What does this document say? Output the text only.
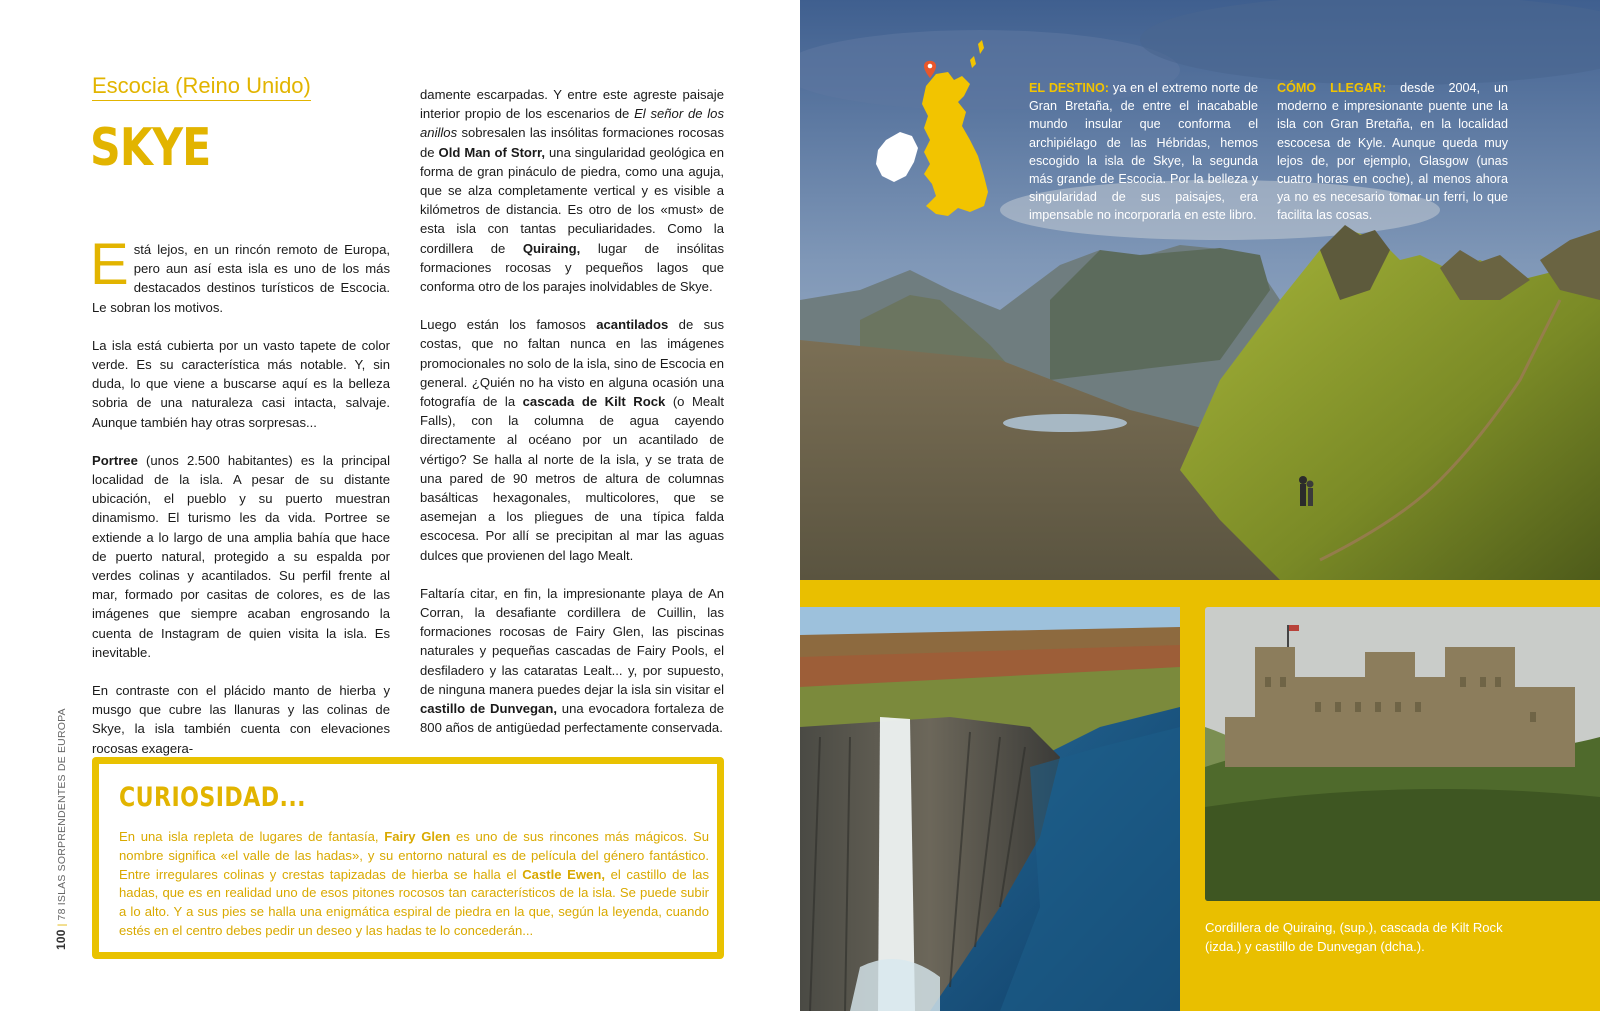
Escocia (Reino Unido)
SKYE

Está lejos, en un rincón remoto de Europa, pero aun así esta isla es uno de los más destacados destinos turísticos de Escocia. Le sobran los motivos.

La isla está cubierta por un vasto tapete de color verde. Es su característica más notable. Y, sin duda, lo que viene a buscarse aquí es la belleza sobria de una naturaleza casi intacta, salvaje. Aunque también hay otras sorpresas...

Portree (unos 2.500 habitantes) es la principal localidad de la isla. A pesar de su distante ubicación, el pueblo y su puerto muestran dinamismo. El turismo les da vida. Portree se extiende a lo largo de una amplia bahía que hace de puerto natural, protegido a su espalda por verdes colinas y acantilados. Su perfil frente al mar, formado por casitas de colores, es de las imágenes que siempre acaban engrosando la cuenta de Instagram de quien visita la isla. Es inevitable.

En contraste con el plácido manto de hierba y musgo que cubre las llanuras y las colinas de Skye, la isla también cuenta con elevaciones rocosas exagera-

damente escarpadas. Y entre este agreste paisaje interior propio de los escenarios de El señor de los anillos sobresalen las insólitas formaciones rocosas de Old Man of Storr, una singularidad geológica en forma de gran pináculo de piedra, como una aguja, que se alza completamente vertical y es visible a kilómetros de distancia. Es otro de los «must» de esta isla con tantas peculiaridades. Como la cordillera de Quiraing, lugar de insólitas formaciones rocosas y pequeños lagos que conforma otro de los parajes inolvidables de Skye.

Luego están los famosos acantilados de sus costas, que no faltan nunca en las imágenes promocionales no solo de la isla, sino de Escocia en general. ¿Quién no ha visto en alguna ocasión una fotografía de la cascada de Kilt Rock (o Mealt Falls), con la columna de agua cayendo directamente al océano por un acantilado de vértigo? Se halla al norte de la isla, y se trata de una pared de 90 metros de altura de columnas basálticas hexagonales, multicolores, que se asemejan a los pliegues de una típica falda escocesa. Por allí se precipitan al mar las aguas dulces que provienen del lago Mealt.

Faltaría citar, en fin, la impresionante playa de An Corran, la desafiante cordillera de Cuillin, las formaciones rocosas de Fairy Glen, las piscinas naturales y pequeñas cascadas de Fairy Pools, el desfiladero y las cataratas Lealt... y, por supuesto, de ninguna manera puedes dejar la isla sin visitar el castillo de Dunvegan, una evocadora fortaleza de 800 años de antigüedad perfectamente conservada.

100|78 ISLAS SORPRENDENTES DE EUROPA CURIOSIDAD...
En una isla repleta de lugares de fantasía, Fairy Glen es uno de sus rincones más mágicos. Su nombre significa «el valle de las hadas», y su entorno natural es de película del género fantástico. Entre irregulares colinas y crestas tapizadas de hierba se halla el Castle Ewen, el castillo de las hadas, que es en realidad uno de esos pitones rocosos tan característicos de la isla. Se puede subir a lo alto. Y a sus pies se halla una enigmática espiral de piedra en la que, según la leyenda, cuando estés en el centro debes pedir un deseo y las hadas te lo concederán...
EL DESTINO: ya en el extremo norte de Gran Bretaña, de entre el inacabable mundo insular que conforma el archipiélago de las Hébridas, hemos escogido la isla de Skye, la segunda más grande de Escocia. Por la belleza y singularidad de sus paisajes, era impensable no incorporarla en este libro.
CÓMO LLEGAR: desde 2004, un moderno e impresionante puente une la isla con Gran Bretaña, en la localidad escocesa de Kyle. Aunque queda muy lejos de, por ejemplo, Glasgow (unas cuatro horas en coche), al menos ahora ya no es necesario tomar un ferri, lo que facilita las cosas.
Cordillera de Quiraing, (sup.), cascada de Kilt Rock (izda.) y castillo de Dunvegan (dcha.).
